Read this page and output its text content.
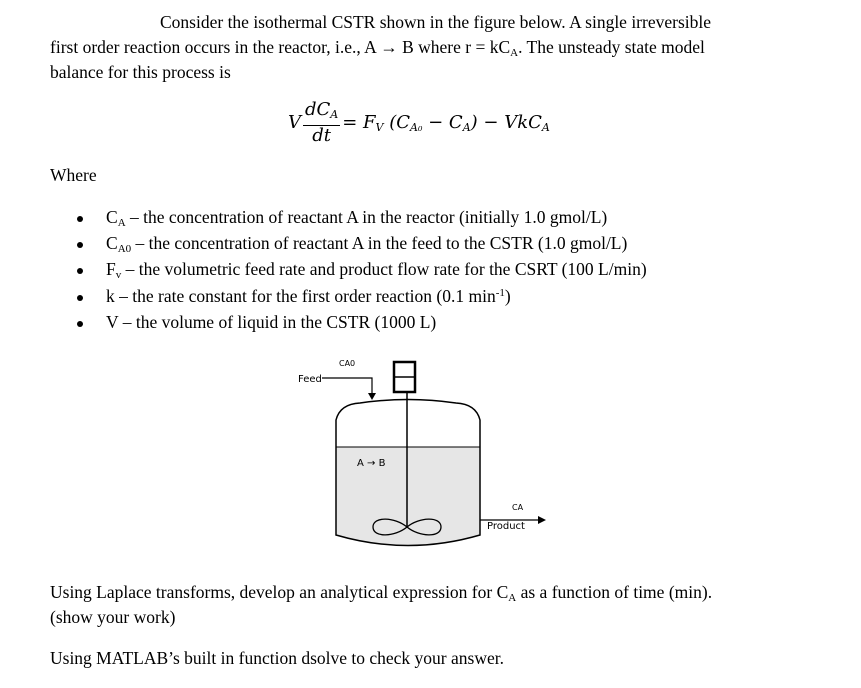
Consider the isothermal CSTR shown in the figure below. A single irreversible
first order reaction occurs in the reactor, i.e., A → B where $r = kC_A$. The unsteady state model
balance for this process is
V $\frac{dC_A}{dt} = F_V$ $(C_{A_0} - C_A) - VkC_A$
Where
$C_A$ – the concentration of reactant A in the reactor (initially 1.0 gmol/L)
$C_{A0}$ – the concentration of reactant A in the feed to the CSTR (1.0 gmol/L)
$F_v$ – the volumetric feed rate and product flow rate for the CSRT (100 L/min)
k – the rate constant for the first order reaction (0.1 $\min^{-1}$)
V – the volume of liquid in the CSTR (1000 L)
Feed
CA0
A → B
CA
Product
Using Laplace transforms, develop an analytical expression for $C_A$ as a function of time (min).
(show your work)
Using MATLAB’s built in function dsolve to check your answer.
